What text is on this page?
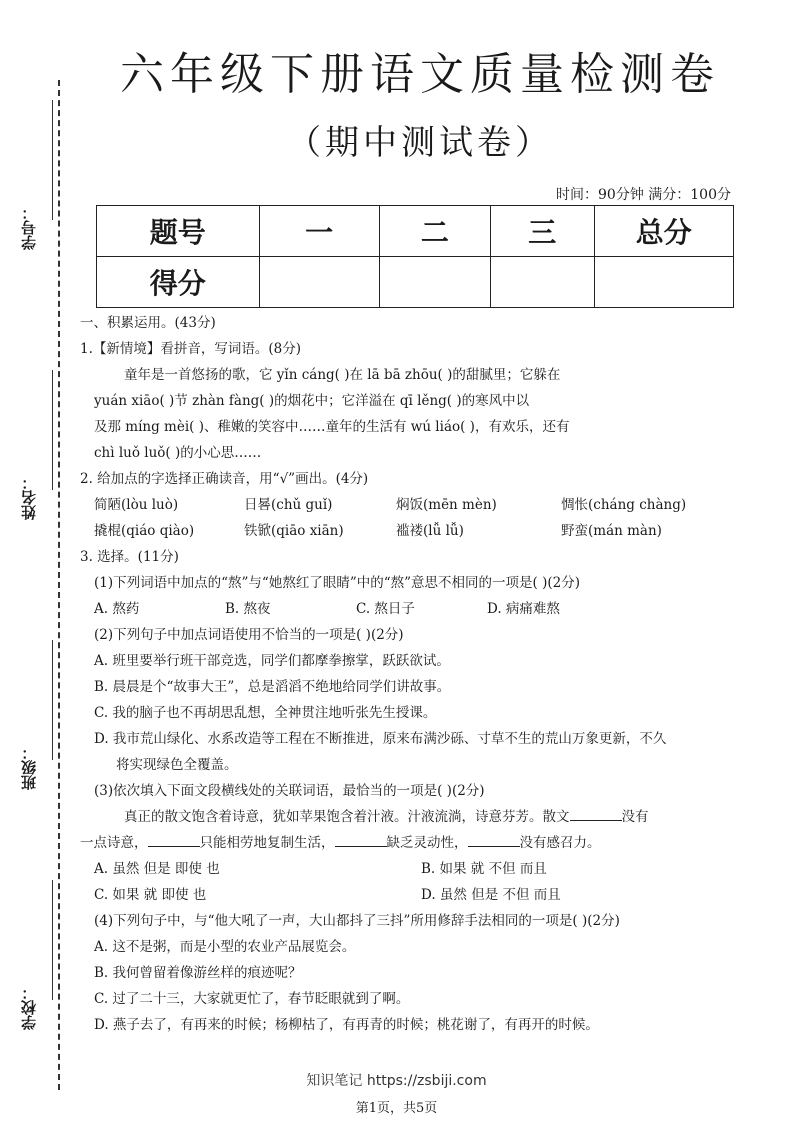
学号：
姓名：
班级：
学校：
六年级下册语文质量检测卷
（期中测试卷）
时间：90分钟 满分：100分
题号	一	二	三	总分
得分				

一、积累运用。(43分)

1.【新情境】看拼音，写词语。(8分)

童年是一首悠扬的歌，它 yǐn cáng( )在 lā bā zhōu( )的甜腻里；它躲在

yuán xiāo( )节 zhàn fàng( )的烟花中；它洋溢在 qī lěng( )的寒风中以

及那 míng mèi( )、稚嫩的笑容中……童年的生活有 wú liáo( )，有欢乐，还有

chì luǒ luǒ( )的小心思……

2. 给加点的字选择正确读音，用“√”画出。(4分)

简陋(lòu luò)	日晷(chǔ guǐ)	焖饭(mēn mèn)	惆怅(cháng chàng)
撬棍(qiáo qiào)	铁锨(qiāo xiān)	褴褛(lǚ lǚ)	野蛮(mán màn)

3. 选择。(11分)

(1)下列词语中加点的“熬”与“她熬红了眼睛”中的“熬”意思不相同的一项是( )(2分)

A. 熬药	B. 熬夜	C. 熬日子	D. 病痛难熬

(2)下列句子中加点词语使用不恰当的一项是( )(2分)

A. 班里要举行班干部竞选，同学们都摩拳擦掌，跃跃欲试。

B. 晨晨是个“故事大王”，总是滔滔不绝地给同学们讲故事。

C. 我的脑子也不再胡思乱想，全神贯注地听张先生授课。

D. 我市荒山绿化、水系改造等工程在不断推进，原来布满沙砾、寸草不生的荒山万象更新，不久

将实现绿色全覆盖。

(3)依次填入下面文段横线处的关联词语，最恰当的一项是( )(2分)

真正的散文饱含着诗意，犹如苹果饱含着汁液。汁液流淌，诗意芬芳。散文	没有

一点诗意，	只能相劳地复制生活，	缺乏灵动性，	没有感召力。

A. 虽然 但是 即使 也	B. 如果 就 不但 而且
C. 如果 就 即使 也	D. 虽然 但是 不但 而且

(4)下列句子中，与“他大吼了一声，大山都抖了三抖”所用修辞手法相同的一项是( )(2分)

A. 这不是粥，而是小型的农业产品展览会。

B. 我何曾留着像游丝样的痕迹呢？

C. 过了二十三，大家就更忙了，春节眨眼就到了啊。

D. 燕子去了，有再来的时候；杨柳枯了，有再青的时候；桃花谢了，有再开的时候。

知识笔记 https://zsbiji.com
第1页，共5页
